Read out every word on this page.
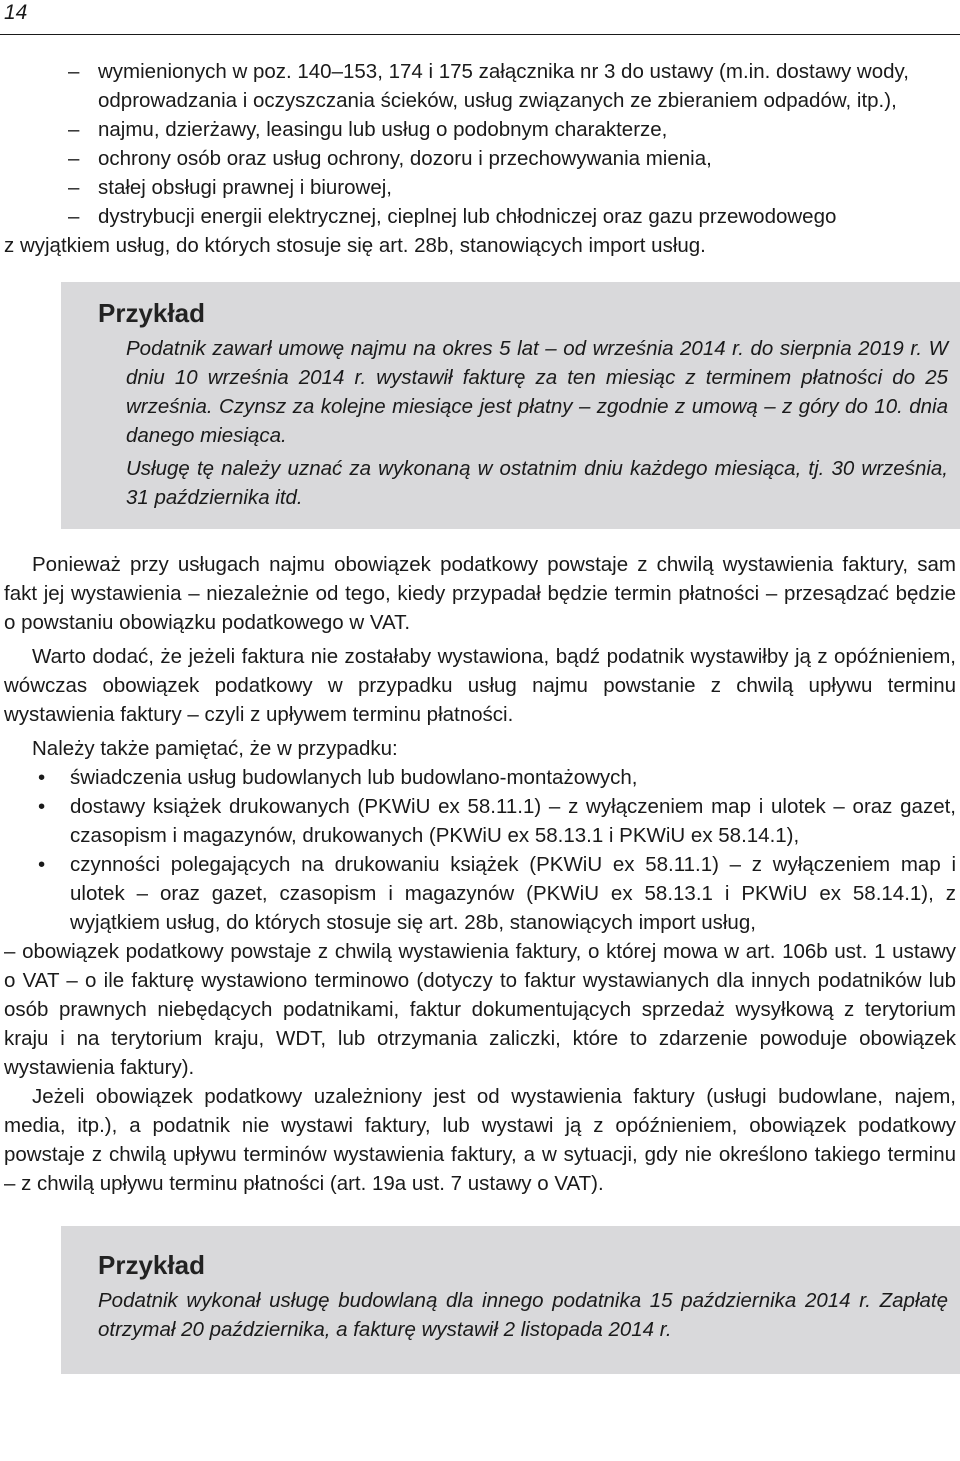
14
– wymienionych w poz. 140–153, 174 i 175 załącznika nr 3 do ustawy (m.in. dostawy wody, odprowadzania i oczyszczania ścieków, usług związanych ze zbieraniem odpadów, itp.),
– najmu, dzierżawy, leasingu lub usług o podobnym charakterze,
– ochrony osób oraz usług ochrony, dozoru i przechowywania mienia,
– stałej obsługi prawnej i biurowej,
– dystrybucji energii elektrycznej, cieplnej lub chłodniczej oraz gazu przewodowego

z wyjątkiem usług, do których stosuje się art. 28b, stanowiących import usług.

Przykład

Podatnik zawarł umowę najmu na okres 5 lat – od września 2014 r. do sierpnia 2019 r. W dniu 10 września 2014 r. wystawił fakturę za ten miesiąc z terminem płatności do 25 września. Czynsz za kolejne miesiące jest płatny – zgodnie z umową – z góry do 10. dnia danego miesiąca.

Usługę tę należy uznać za wykonaną w ostatnim dniu każdego miesiąca, tj. 30 września, 31 października itd.

Ponieważ przy usługach najmu obowiązek podatkowy powstaje z chwilą wystawienia faktury, sam fakt jej wystawienia – niezależnie od tego, kiedy przypadał będzie termin płatności – przesądzać będzie o powstaniu obowiązku podatkowego w VAT.

Warto dodać, że jeżeli faktura nie zostałaby wystawiona, bądź podatnik wystawiłby ją z opóźnieniem, wówczas obowiązek podatkowy w przypadku usług najmu powstanie z chwilą upływu terminu wystawienia faktury – czyli z upływem terminu płatności.

Należy także pamiętać, że w przypadku:

• świadczenia usług budowlanych lub budowlano-montażowych,
• dostawy książek drukowanych (PKWiU ex 58.11.1) – z wyłączeniem map i ulotek – oraz gazet, czasopism i magazynów, drukowanych (PKWiU ex 58.13.1 i PKWiU ex 58.14.1),
• czynności polegających na drukowaniu książek (PKWiU ex 58.11.1) – z wyłączeniem map i ulotek – oraz gazet, czasopism i magazynów (PKWiU ex 58.13.1 i PKWiU ex 58.14.1), z wyjątkiem usług, do których stosuje się art. 28b, stanowiących import usług,

– obowiązek podatkowy powstaje z chwilą wystawienia faktury, o której mowa w art. 106b ust. 1 ustawy o VAT – o ile fakturę wystawiono terminowo (dotyczy to faktur wystawianych dla innych podatników lub osób prawnych niebędących podatnikami, faktur dokumentujących sprzedaż wysyłkową z terytorium kraju i na terytorium kraju, WDT, lub otrzymania zaliczki, które to zdarzenie powoduje obowiązek wystawienia faktury).

Jeżeli obowiązek podatkowy uzależniony jest od wystawienia faktury (usługi budowlane, najem, media, itp.), a podatnik nie wystawi faktury, lub wystawi ją z opóźnieniem, obowiązek podatkowy powstaje z chwilą upływu terminów wystawienia faktury, a w sytuacji, gdy nie określono takiego terminu – z chwilą upływu terminu płatności (art. 19a ust. 7 ustawy o VAT).

Przykład

Podatnik wykonał usługę budowlaną dla innego podatnika 15 października 2014 r. Zapłatę otrzymał 20 października, a fakturę wystawił 2 listopada 2014 r.
